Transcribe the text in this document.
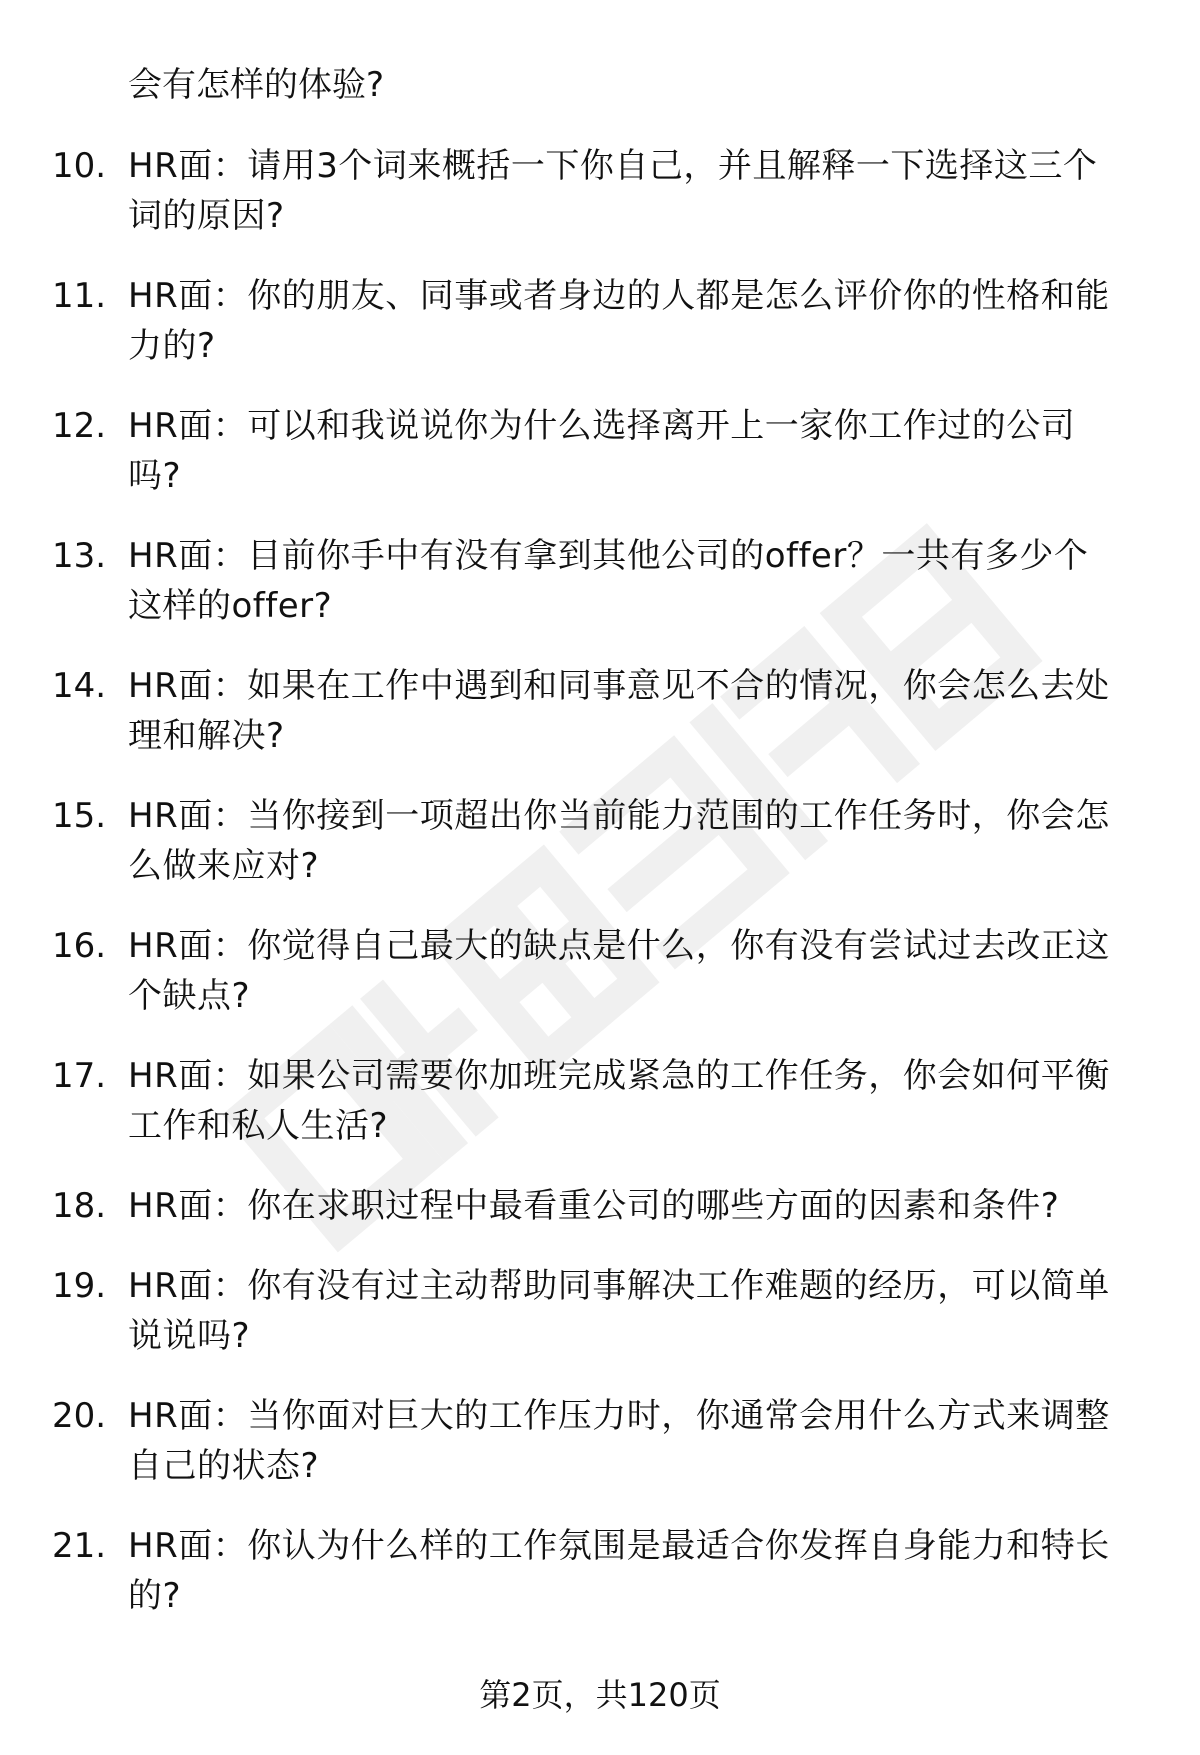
会有怎样的体验?
10. HR面：请用3个词来概括一下你自己，并且解释一下选择这三个
词的原因?
11. HR面：你的朋友、同事或者身边的人都是怎么评价你的性格和能
力的?
12. HR面：可以和我说说你为什么选择离开上一家你工作过的公司
吗?
13. HR面：目前你手中有没有拿到其他公司的offer？一共有多少个
这样的offer?
14. HR面：如果在工作中遇到和同事意见不合的情况，你会怎么去处
理和解决?
15. HR面：当你接到一项超出你当前能力范围的工作任务时，你会怎
么做来应对?
16. HR面：你觉得自己最大的缺点是什么，你有没有尝试过去改正这
个缺点?
17. HR面：如果公司需要你加班完成紧急的工作任务，你会如何平衡
工作和私人生活?
18. HR面：你在求职过程中最看重公司的哪些方面的因素和条件?
19. HR面：你有没有过主动帮助同事解决工作难题的经历，可以简单
说说吗?
20. HR面：当你面对巨大的工作压力时，你通常会用什么方式来调整
自己的状态?
21. HR面：你认为什么样的工作氛围是最适合你发挥自身能力和特长
的?
第2页，共120页
